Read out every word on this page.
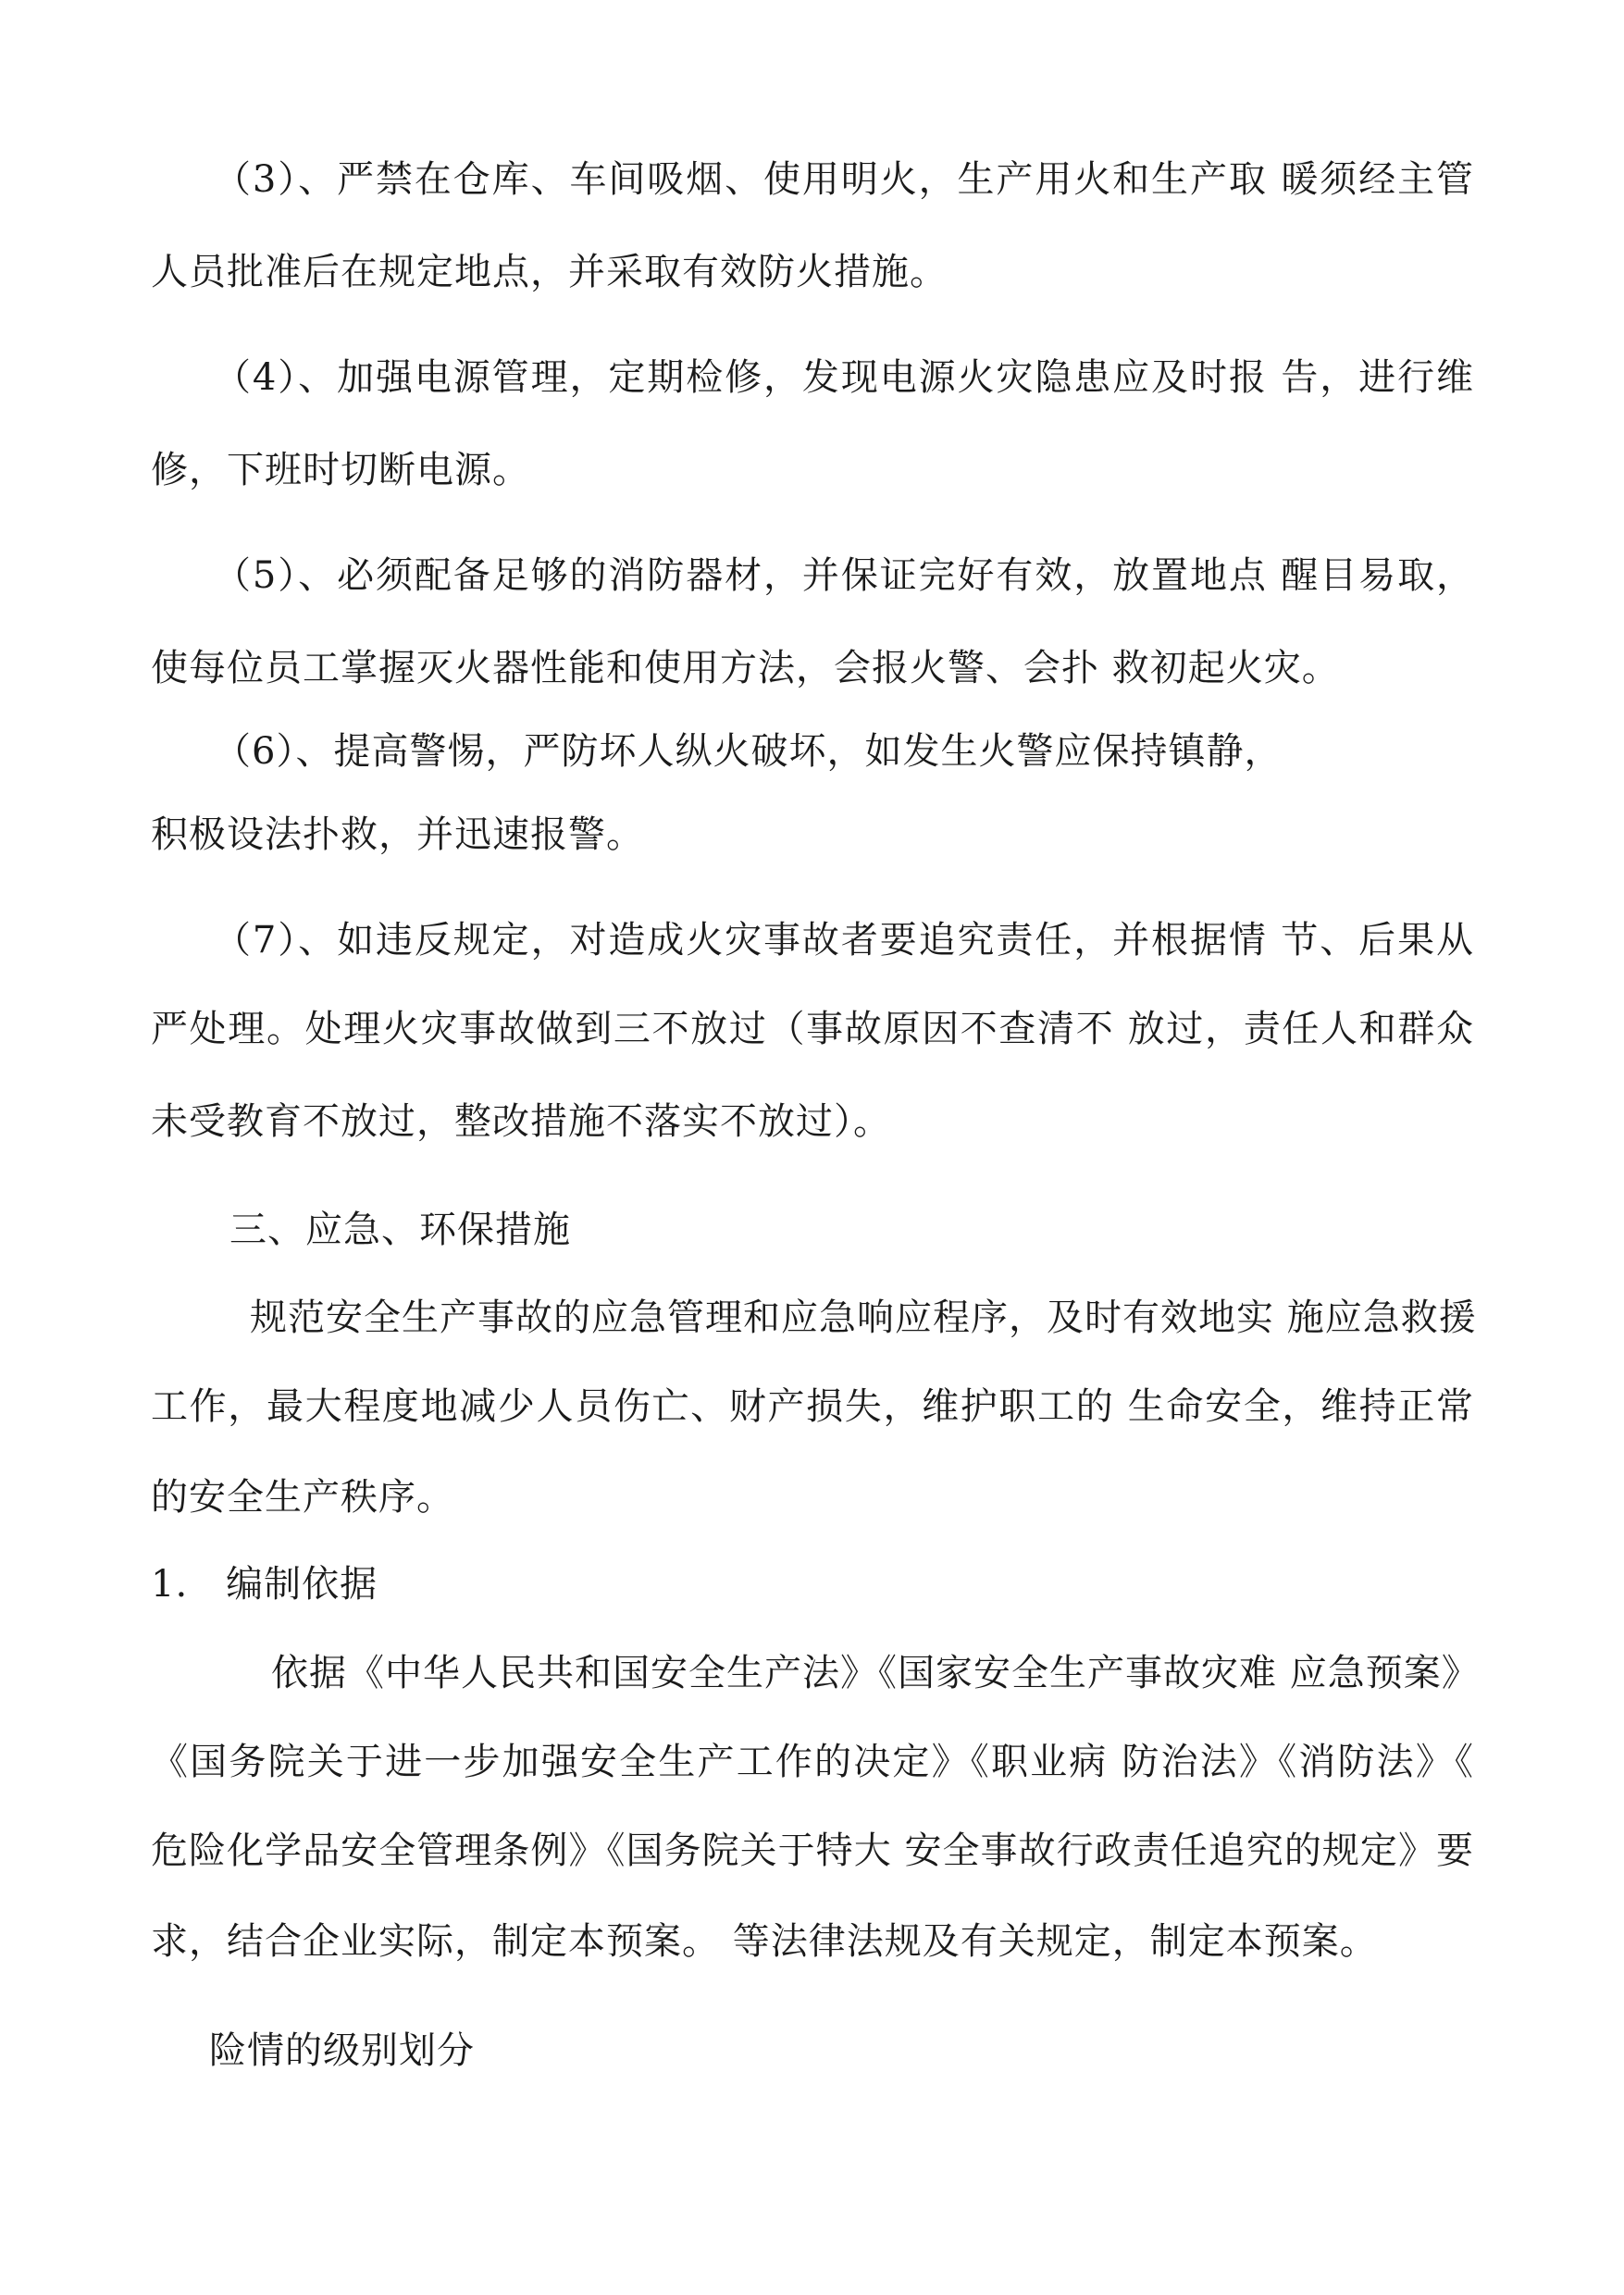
（3）、严禁在仓库、车间吸烟、使用明火，生产用火和生产取 暖须经主管
人员批准后在规定地点，并采取有效防火措施。
（4）、加强电源管理，定期检修，发现电源火灾隐患应及时报 告，进行维
修，下班时切断电源。
（5）、必须配备足够的消防器材，并保证完好有效，放置地点 醒目易取，
使每位员工掌握灭火器性能和使用方法，会报火警、会扑 救初起火灾。
（6）、提高警惕，严防坏人纵火破坏，如发生火警应保持镇静，
积极设法扑救，并迅速报警。
（7）、如违反规定，对造成火灾事故者要追究责任，并根据情 节、后果从
严处理。处理火灾事故做到三不放过（事故原因不查清不 放过，责任人和群众
未受教育不放过，整改措施不落实不放过）。
三、应急、环保措施
规范安全生产事故的应急管理和应急响应程序，及时有效地实 施应急救援
工作，最大程度地减少人员伤亡、财产损失，维护职工的 生命安全，维持正常
的安全生产秩序。
1.　编制依据
依据《中华人民共和国安全生产法》《国家安全生产事故灾难 应急预案》
《国务院关于进一步加强安全生产工作的决定》《职业病 防治法》《消防法》《
危险化学品安全管理条例》《国务院关于特大 安全事故行政责任追究的规定》要
求，结合企业实际，制定本预案。 等法律法规及有关规定，制定本预案。
险情的级别划分
